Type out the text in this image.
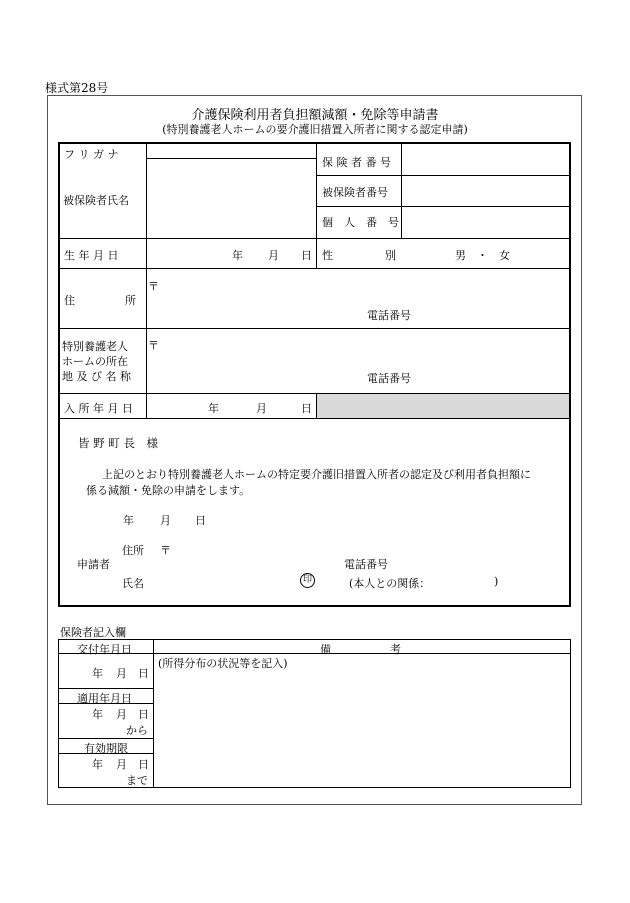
様式第28号
介護保険利用者負担額減額・免除等申請書
(特別養護老人ホームの要介護旧措置入所者に関する認定申請)
フ リ ガ ナ
被保険者氏名
保 険 者 番 号
被保険者番号
個　人　番　号
生 年 月 日	年 月 日 性	別	男　・　女
住	所
〒
電話番号
特別養護老人
ホームの所在
地 及 び 名 称
〒
電話番号
入 所 年 月 日	年	月	日
皆 野 町 長　様
上記のとおり特別養護老人ホームの特定要介護旧措置入所者の認定及び利用者負担額に
係る減額・免除の申請をします。
年 月 日
住所 〒
申請者	電話番号
氏名	印	(本人との関係：	)
保険者記入欄
交付年月日	備	考
(所得分布の状況等を記入)
年 月 日
適用年月日
年 月 日
から
有効期限
年 月 日
まで
